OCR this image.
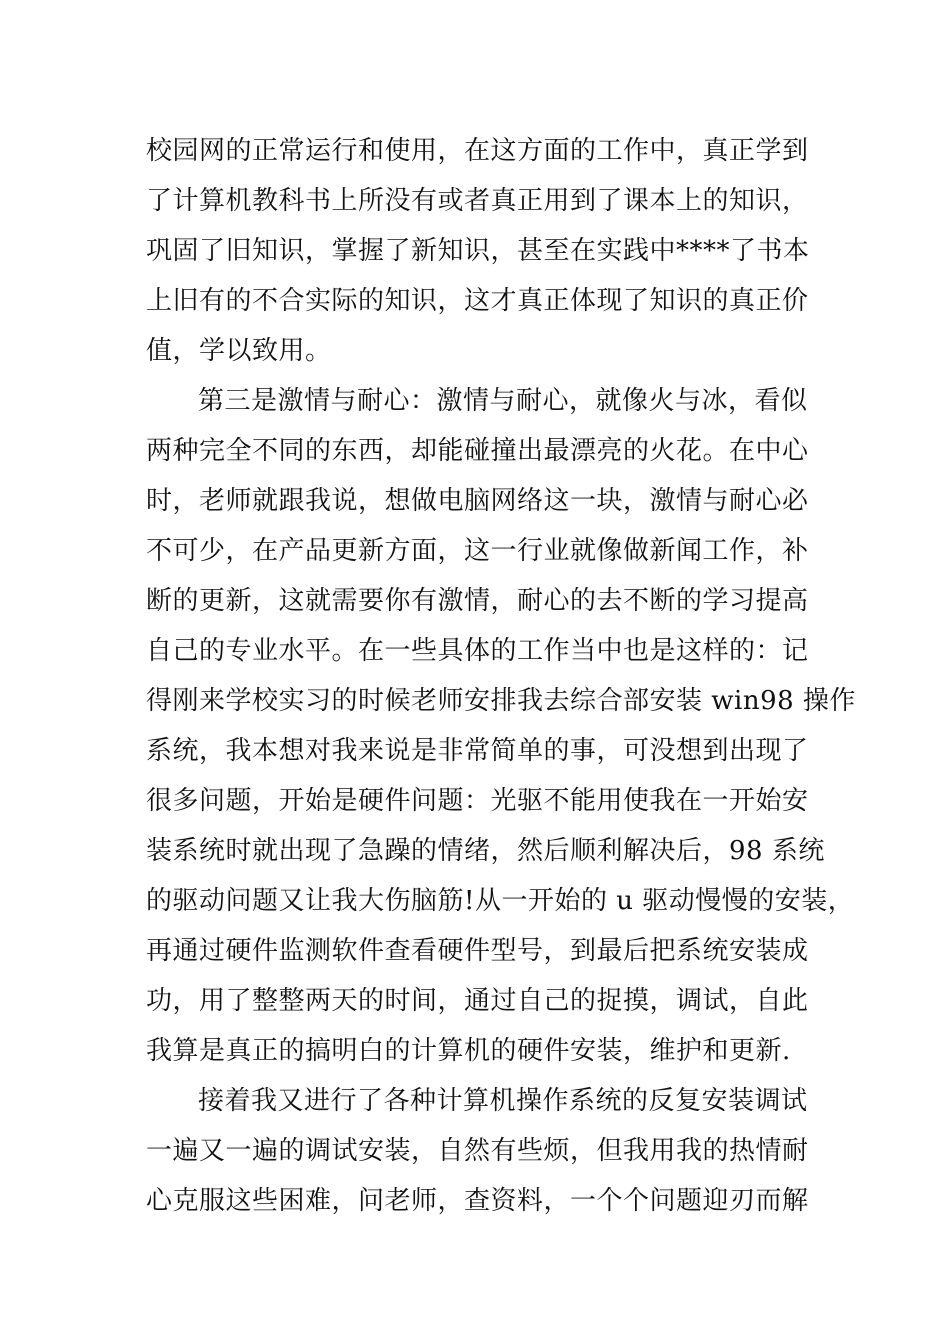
校园网的正常运行和使用，在这方面的工作中，真正学到
了计算机教科书上所没有或者真正用到了课本上的知识，
巩固了旧知识，掌握了新知识，甚至在实践中****了书本
上旧有的不合实际的知识，这才真正体现了知识的真正价
值，学以致用。
第三是激情与耐心：激情与耐心，就像火与冰，看似
两种完全不同的东西，却能碰撞出最漂亮的火花。在中心
时，老师就跟我说，想做电脑网络这一块，激情与耐心必
不可少，在产品更新方面，这一行业就像做新闻工作，补
断的更新，这就需要你有激情，耐心的去不断的学习提高
自己的专业水平。在一些具体的工作当中也是这样的：记
得刚来学校实习的时候老师安排我去综合部安装 win98 操作
系统，我本想对我来说是非常简单的事，可没想到出现了
很多问题，开始是硬件问题：光驱不能用使我在一开始安
装系统时就出现了急躁的情绪，然后顺利解决后，98 系统
的驱动问题又让我大伤脑筋!从一开始的 u 驱动慢慢的安装，
再通过硬件监测软件查看硬件型号，到最后把系统安装成
功，用了整整两天的时间，通过自己的捉摸，调试，自此
我算是真正的搞明白的计算机的硬件安装，维护和更新.
接着我又进行了各种计算机操作系统的反复安装调试
一遍又一遍的调试安装，自然有些烦，但我用我的热情耐
心克服这些困难，问老师，查资料，一个个问题迎刃而解
